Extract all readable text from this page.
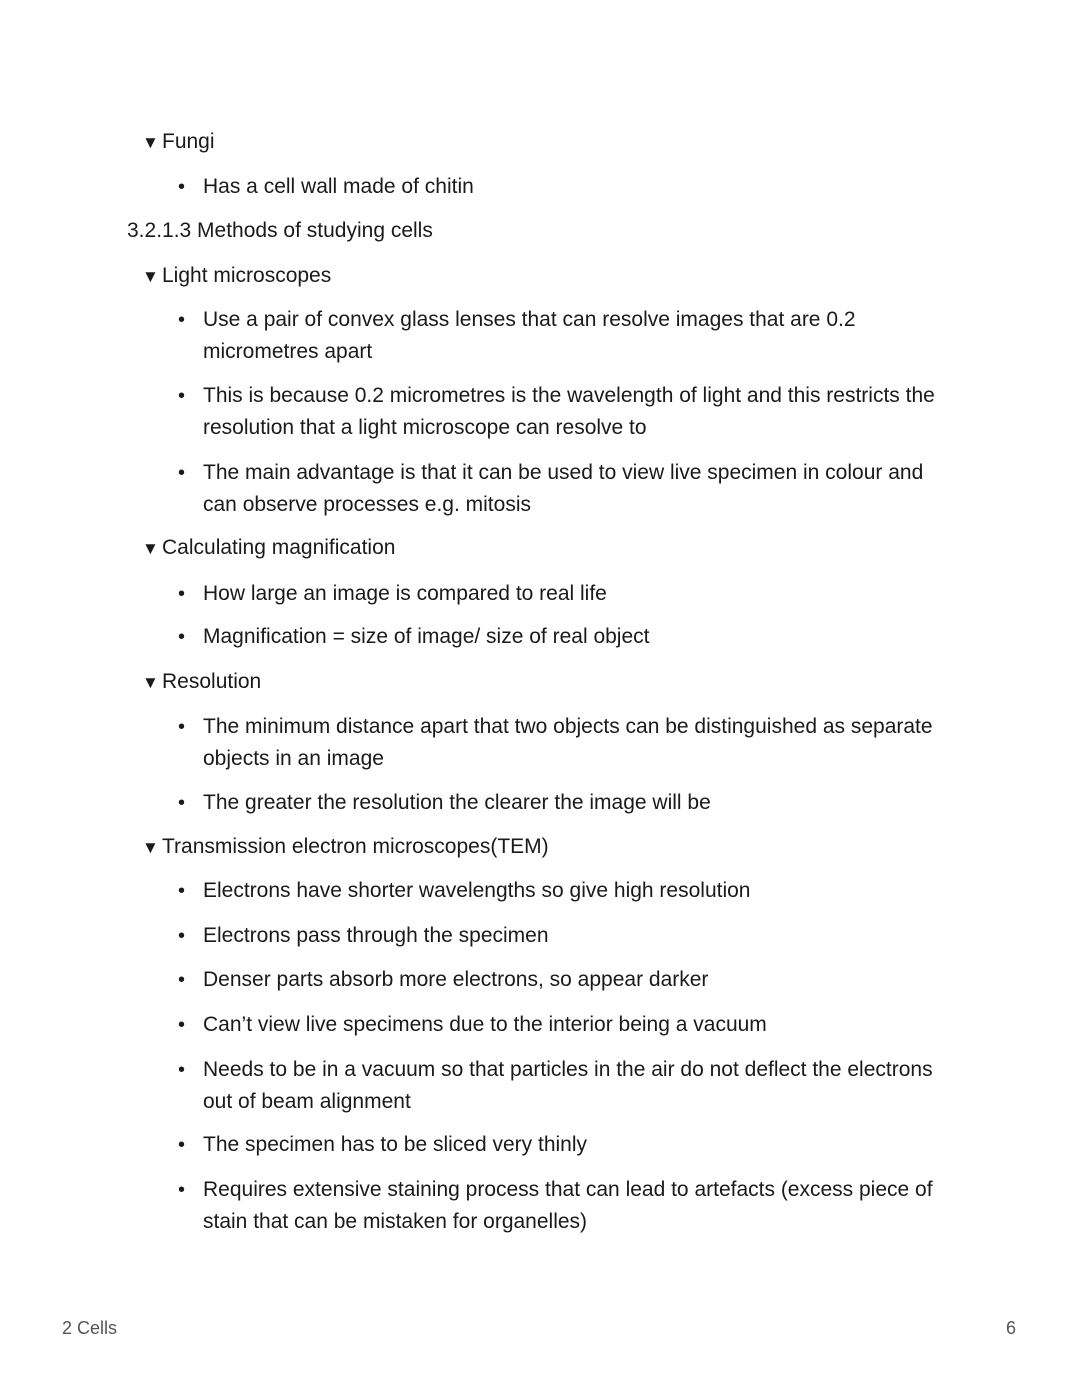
▼ Fungi
• Has a cell wall made of chitin
3.2.1.3 Methods of studying cells
▼ Light microscopes
• Use a pair of convex glass lenses that can resolve images that are 0.2 micrometres apart
• This is because 0.2 micrometres is the wavelength of light and this restricts the resolution that a light microscope can resolve to
• The main advantage is that it can be used to view live specimen in colour and can observe processes e.g. mitosis
▼ Calculating magnification
• How large an image is compared to real life
• Magnification = size of image/ size of real object
▼ Resolution
• The minimum distance apart that two objects can be distinguished as separate objects in an image
• The greater the resolution the clearer the image will be
▼ Transmission electron microscopes(TEM)
• Electrons have shorter wavelengths so give high resolution
• Electrons pass through the specimen
• Denser parts absorb more electrons, so appear darker
• Can’t view live specimens due to the interior being a vacuum
• Needs to be in a vacuum so that particles in the air do not deflect the electrons out of beam alignment
• The specimen has to be sliced very thinly
• Requires extensive staining process that can lead to artefacts (excess piece of stain that can be mistaken for organelles)
2 Cells	6
